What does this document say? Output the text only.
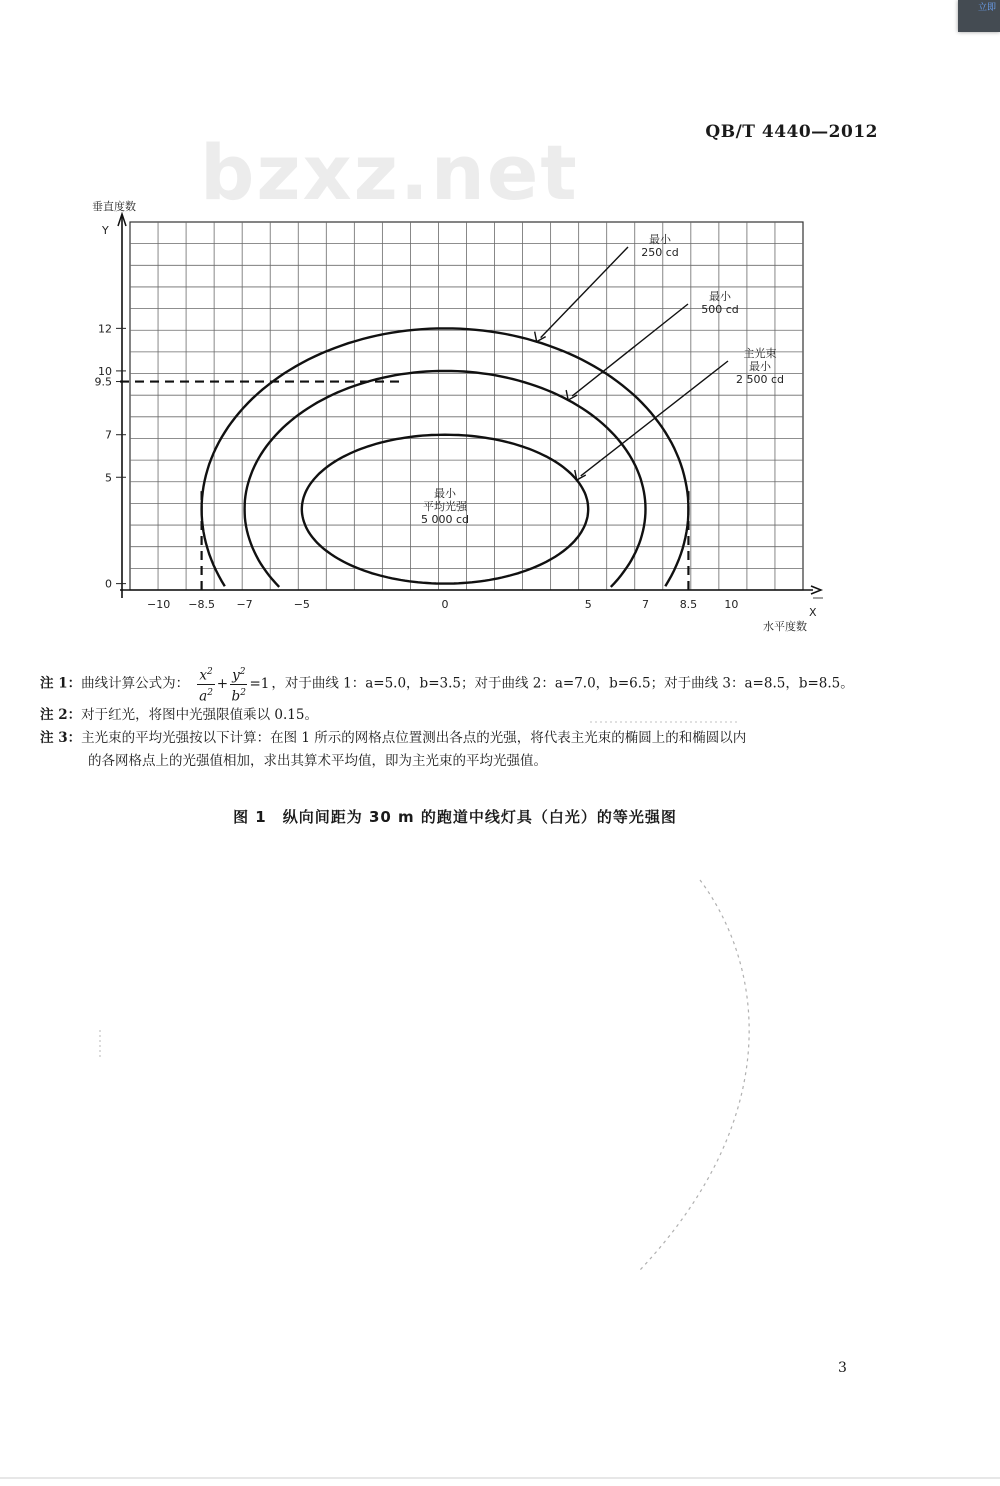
立即
bzxz.net	QB/T 4440—2012
−10 −8.5 −7	−5	0	5	7	8.5 10
0
5
7
9.5
10
12
X
水平度数
Y
垂直度数
最小
250 cd
最小
500 cd
主光束
最小
2 500 cd
最小
平均光强
5 000 cd
注 1：曲线计算公式为： $\frac{x^2}{a^2} + \frac{y^2}{b^2} =1$ ，对于曲线 1：a=5.0，b=3.5；对于曲线 2：a=7.0，b=6.5；对于曲线 3：a=8.5，b=8.5。
注 2：对于红光，将图中光强限值乘以 0.15。
注 3：主光束的平均光强按以下计算：在图 1 所示的网格点位置测出各点的光强，将代表主光束的椭圆上的和椭圆以内
的各网格点上的光强值相加，求出其算术平均值，即为主光束的平均光强值。
图 1　纵向间距为 30 m 的跑道中线灯具（白光）的等光强图
3
